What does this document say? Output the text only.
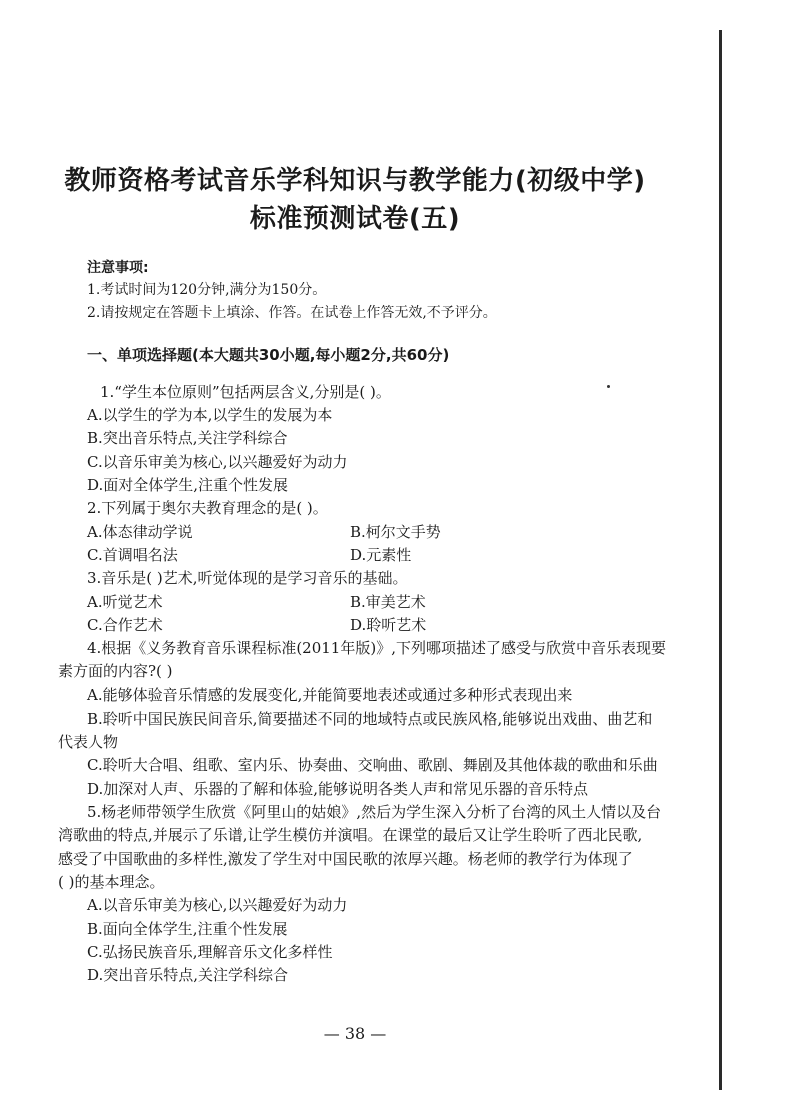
教师资格考试音乐学科知识与教学能力(初级中学)
标准预测试卷(五)
注意事项:
1.考试时间为120分钟,满分为150分。
2.请按规定在答题卡上填涂、作答。在试卷上作答无效,不予评分。
一、单项选择题(本大题共30小题,每小题2分,共60分)
1.“学生本位原则”包括两层含义,分别是( )。
A.以学生的学为本,以学生的发展为本
B.突出音乐特点,关注学科综合
C.以音乐审美为核心,以兴趣爱好为动力
D.面对全体学生,注重个性发展
2.下列属于奥尔夫教育理念的是( )。
A.体态律动学说	B.柯尔文手势
C.首调唱名法	D.元素性
3.音乐是( )艺术,听觉体现的是学习音乐的基础。
A.听觉艺术	B.审美艺术
C.合作艺术	D.聆听艺术
4.根据《义务教育音乐课程标准(2011年版)》,下列哪项描述了感受与欣赏中音乐表现要
素方面的内容?( )
A.能够体验音乐情感的发展变化,并能简要地表述或通过多种形式表现出来
B.聆听中国民族民间音乐,简要描述不同的地域特点或民族风格,能够说出戏曲、曲艺和
代表人物
C.聆听大合唱、组歌、室内乐、协奏曲、交响曲、歌剧、舞剧及其他体裁的歌曲和乐曲
D.加深对人声、乐器的了解和体验,能够说明各类人声和常见乐器的音乐特点
5.杨老师带领学生欣赏《阿里山的姑娘》,然后为学生深入分析了台湾的风土人情以及台
湾歌曲的特点,并展示了乐谱,让学生模仿并演唱。在课堂的最后又让学生聆听了西北民歌,
感受了中国歌曲的多样性,激发了学生对中国民歌的浓厚兴趣。杨老师的教学行为体现了
( )的基本理念。
A.以音乐审美为核心,以兴趣爱好为动力
B.面向全体学生,注重个性发展
C.弘扬民族音乐,理解音乐文化多样性
D.突出音乐特点,关注学科综合
— 38 —
